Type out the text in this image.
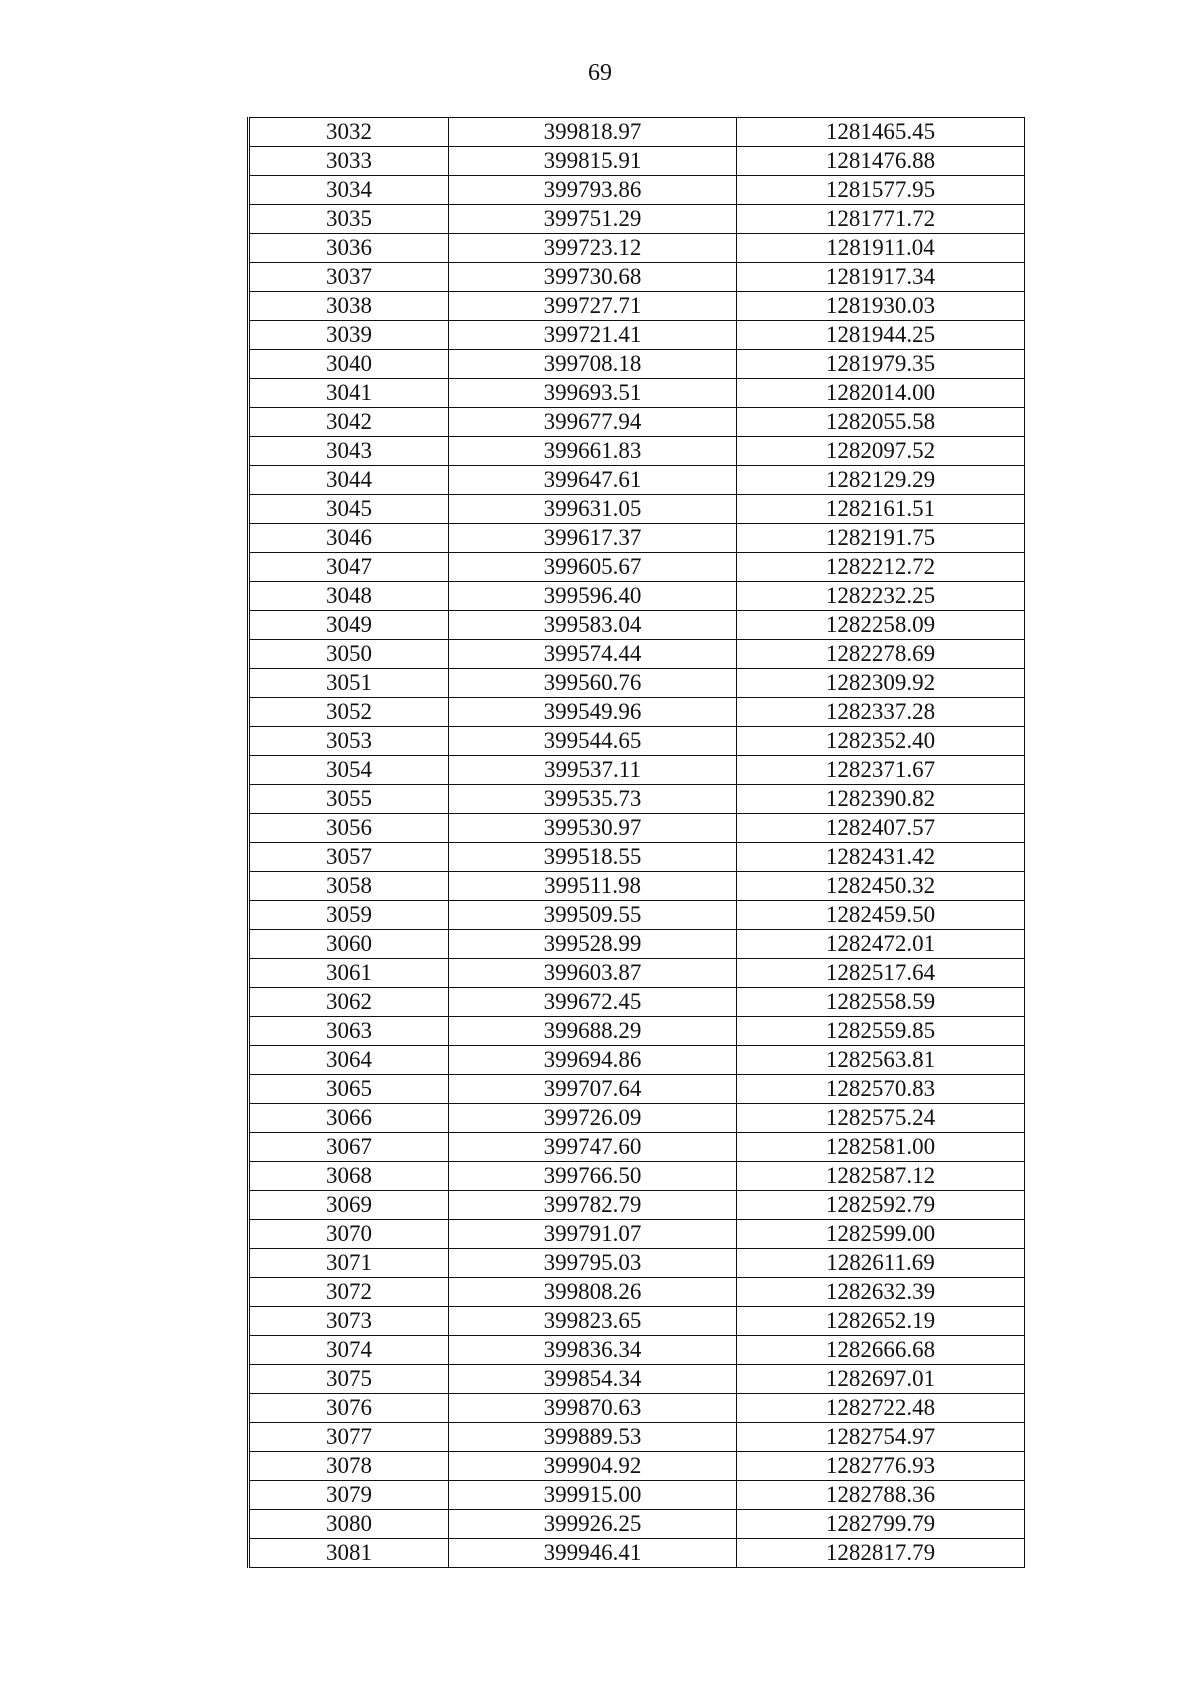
69
3032	399818.97	1281465.45
3033	399815.91	1281476.88
3034	399793.86	1281577.95
3035	399751.29	1281771.72
3036	399723.12	1281911.04
3037	399730.68	1281917.34
3038	399727.71	1281930.03
3039	399721.41	1281944.25
3040	399708.18	1281979.35
3041	399693.51	1282014.00
3042	399677.94	1282055.58
3043	399661.83	1282097.52
3044	399647.61	1282129.29
3045	399631.05	1282161.51
3046	399617.37	1282191.75
3047	399605.67	1282212.72
3048	399596.40	1282232.25
3049	399583.04	1282258.09
3050	399574.44	1282278.69
3051	399560.76	1282309.92
3052	399549.96	1282337.28
3053	399544.65	1282352.40
3054	399537.11	1282371.67
3055	399535.73	1282390.82
3056	399530.97	1282407.57
3057	399518.55	1282431.42
3058	399511.98	1282450.32
3059	399509.55	1282459.50
3060	399528.99	1282472.01
3061	399603.87	1282517.64
3062	399672.45	1282558.59
3063	399688.29	1282559.85
3064	399694.86	1282563.81
3065	399707.64	1282570.83
3066	399726.09	1282575.24
3067	399747.60	1282581.00
3068	399766.50	1282587.12
3069	399782.79	1282592.79
3070	399791.07	1282599.00
3071	399795.03	1282611.69
3072	399808.26	1282632.39
3073	399823.65	1282652.19
3074	399836.34	1282666.68
3075	399854.34	1282697.01
3076	399870.63	1282722.48
3077	399889.53	1282754.97
3078	399904.92	1282776.93
3079	399915.00	1282788.36
3080	399926.25	1282799.79
3081	399946.41	1282817.79
